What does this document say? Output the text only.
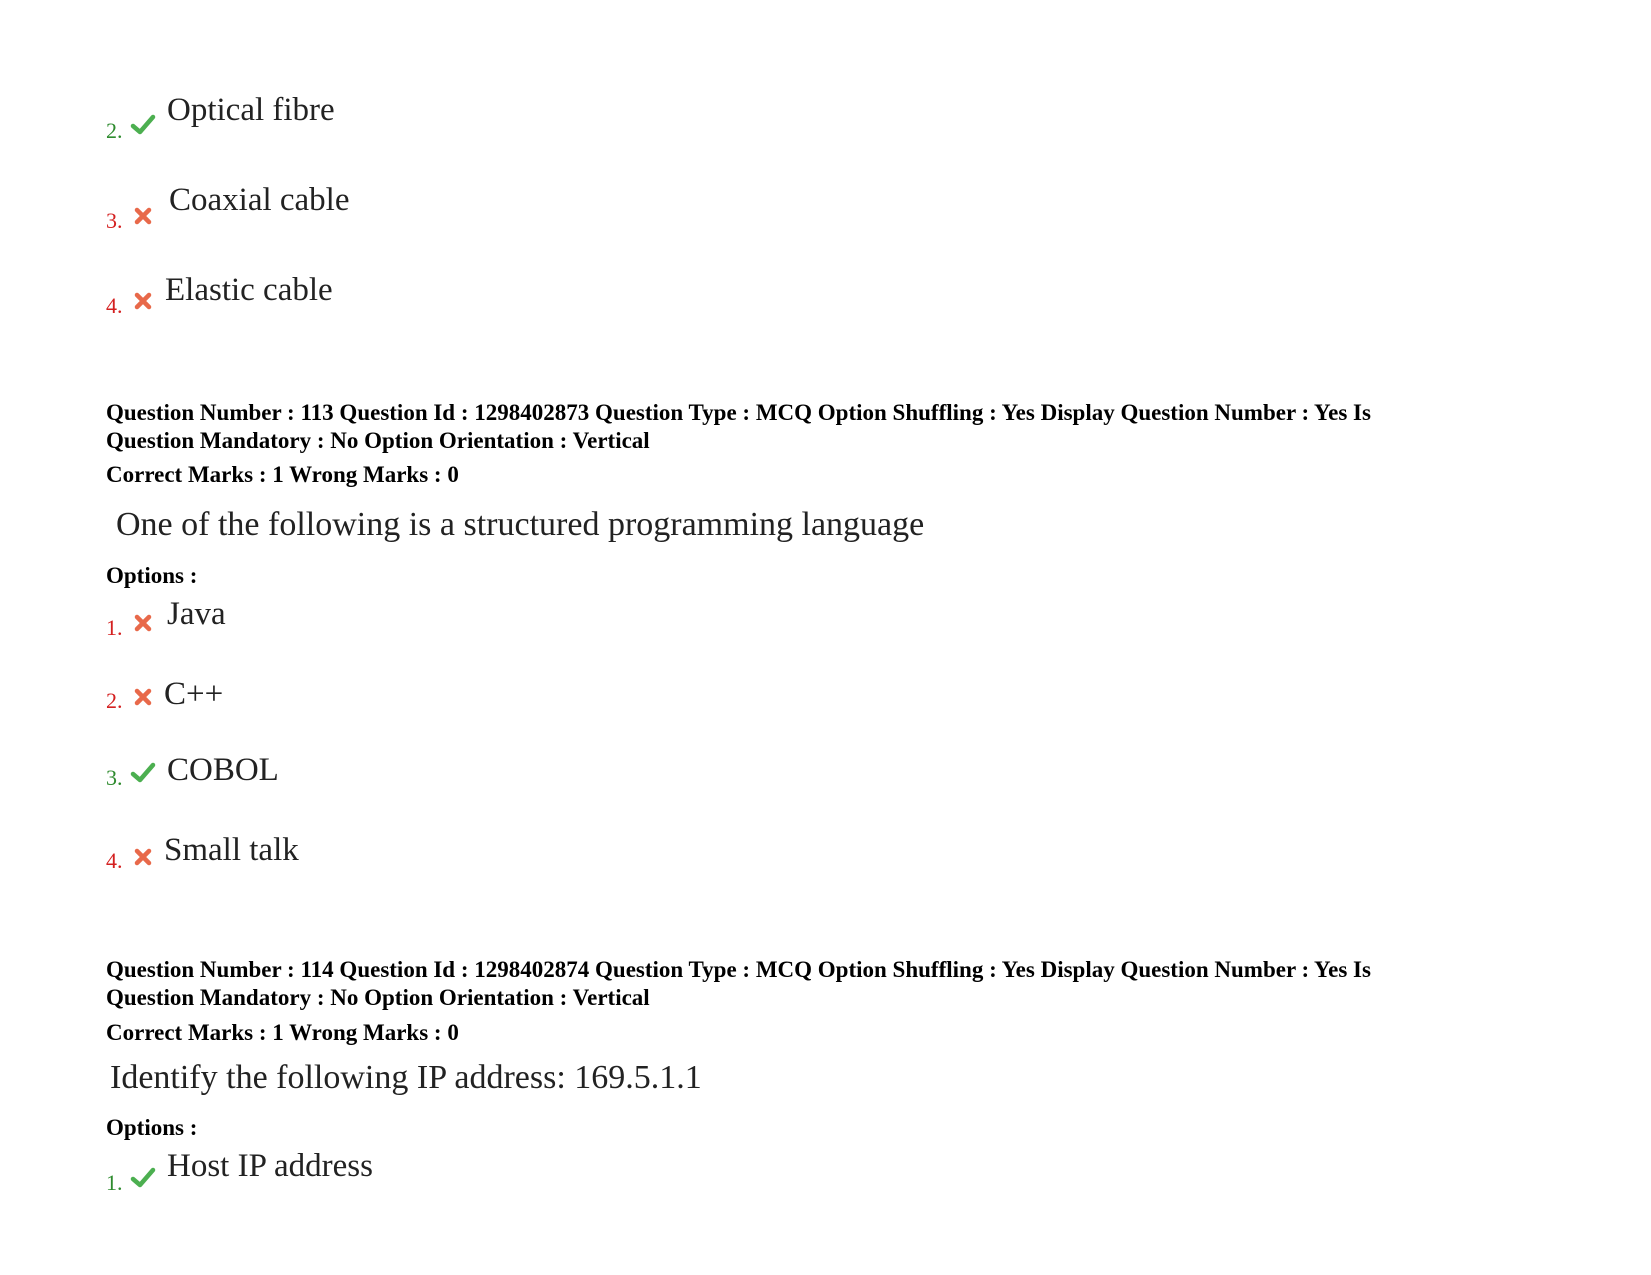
2.
Optical fibre
3.
Coaxial cable
4. Elastic cable
Question Number : 113 Question Id : 1298402873 Question Type : MCQ Option Shuffling : Yes Display Question Number : Yes Is
Question Mandatory : No Option Orientation : Vertical
Correct Marks : 1 Wrong Marks : 0
One of the following is a structured programming language
Options :
1. Java
2. C++
3. COBOL
4. Small talk
Question Number : 114 Question Id : 1298402874 Question Type : MCQ Option Shuffling : Yes Display Question Number : Yes Is
Question Mandatory : No Option Orientation : Vertical
Correct Marks : 1 Wrong Marks : 0
Identify the following IP address: 169.5.1.1
Options :
1. Host IP address
